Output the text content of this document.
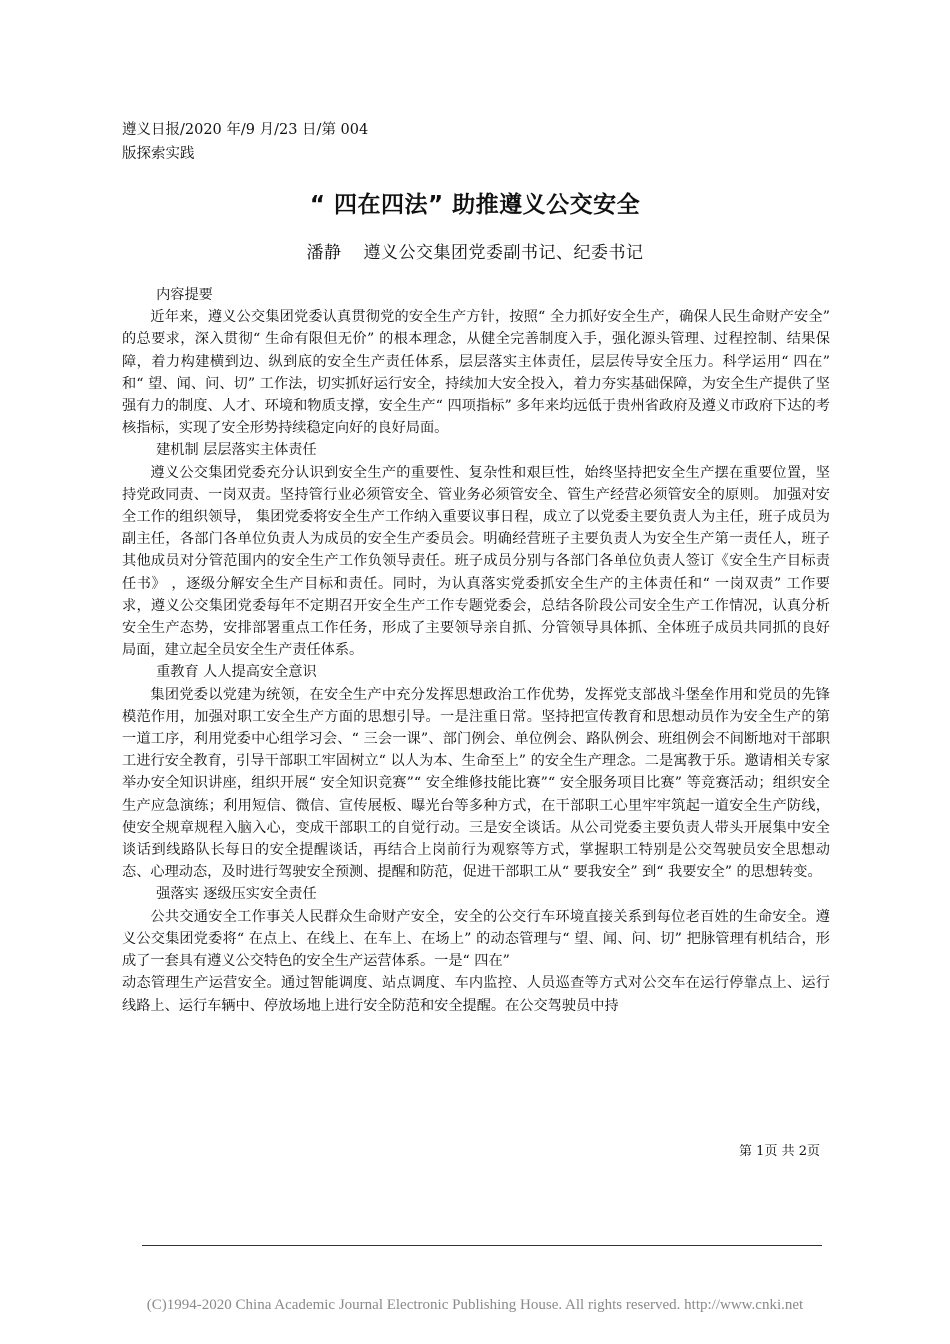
遵义日报/2020 年/9 月/23 日/第 004
版探索实践
“ 四在四法” 助推遵义公交安全
潘静 遵义公交集团党委副书记、纪委书记

内容提要

近年来，遵义公交集团党委认真贯彻党的安全生产方针，按照“ 全力抓好安全生产，确保人民生命财产安全” 的总要求，深入贯彻“ 生命有限但无价” 的根本理念，从健全完善制度入手，强化源头管理、过程控制、结果保障，着力构建横到边、纵到底的安全生产责任体系，层层落实主体责任，层层传导安全压力。科学运用“ 四在” 和“ 望、闻、问、切” 工作法，切实抓好运行安全，持续加大安全投入，着力夯实基础保障，为安全生产提供了坚强有力的制度、人才、环境和物质支撑，安全生产“ 四项指标” 多年来均远低于贵州省政府及遵义市政府下达的考核指标，实现了安全形势持续稳定向好的良好局面。

建机制 层层落实主体责任

遵义公交集团党委充分认识到安全生产的重要性、复杂性和艰巨性，始终坚持把安全生产摆在重要位置，坚持党政同责、一岗双责。坚持管行业必须管安全、管业务必须管安全、管生产经营必须管安全的原则。 加强对安全工作的组织领导， 集团党委将安全生产工作纳入重要议事日程，成立了以党委主要负责人为主任，班子成员为副主任，各部门各单位负责人为成员的安全生产委员会。明确经营班子主要负责人为安全生产第一责任人，班子其他成员对分管范围内的安全生产工作负领导责任。班子成员分别与各部门各单位负责人签订《安全生产目标责任书》 ，逐级分解安全生产目标和责任。同时，为认真落实党委抓安全生产的主体责任和“ 一岗双责” 工作要求，遵义公交集团党委每年不定期召开安全生产工作专题党委会，总结各阶段公司安全生产工作情况，认真分析安全生产态势，安排部署重点工作任务，形成了主要领导亲自抓、分管领导具体抓、全体班子成员共同抓的良好局面，建立起全员安全生产责任体系。

重教育 人人提高安全意识

集团党委以党建为统领，在安全生产中充分发挥思想政治工作优势，发挥党支部战斗堡垒作用和党员的先锋模范作用，加强对职工安全生产方面的思想引导。一是注重日常。坚持把宣传教育和思想动员作为安全生产的第一道工序，利用党委中心组学习会、“ 三会一课”、部门例会、单位例会、路队例会、班组例会不间断地对干部职工进行安全教育，引导干部职工牢固树立“ 以人为本、生命至上” 的安全生产理念。二是寓教于乐。邀请相关专家举办安全知识讲座，组织开展“ 安全知识竞赛”“ 安全维修技能比赛”“ 安全服务项目比赛” 等竞赛活动；组织安全生产应急演练；利用短信、微信、宣传展板、曝光台等多种方式，在干部职工心里牢牢筑起一道安全生产防线，使安全规章规程入脑入心，变成干部职工的自觉行动。三是安全谈话。从公司党委主要负责人带头开展集中安全谈话到线路队长每日的安全提醒谈话，再结合上岗前行为观察等方式，掌握职工特别是公交驾驶员安全思想动态、心理动态，及时进行驾驶安全预测、提醒和防范，促进干部职工从“ 要我安全” 到“ 我要安全” 的思想转变。

强落实 逐级压实安全责任

公共交通安全工作事关人民群众生命财产安全，安全的公交行车环境直接关系到每位老百姓的生命安全。遵义公交集团党委将“ 在点上、在线上、在车上、在场上” 的动态管理与“ 望、闻、问、切” 把脉管理有机结合，形成了一套具有遵义公交特色的安全生产运营体系。一是“ 四在”

动态管理生产运营安全。通过智能调度、站点调度、车内监控、人员巡查等方式对公交车在运行停靠点上、运行线路上、运行车辆中、停放场地上进行安全防范和安全提醒。在公交驾驶员中持

第 1页 共 2页
(C)1994-2020 China Academic Journal Electronic Publishing House. All rights reserved. http://www.cnki.net
